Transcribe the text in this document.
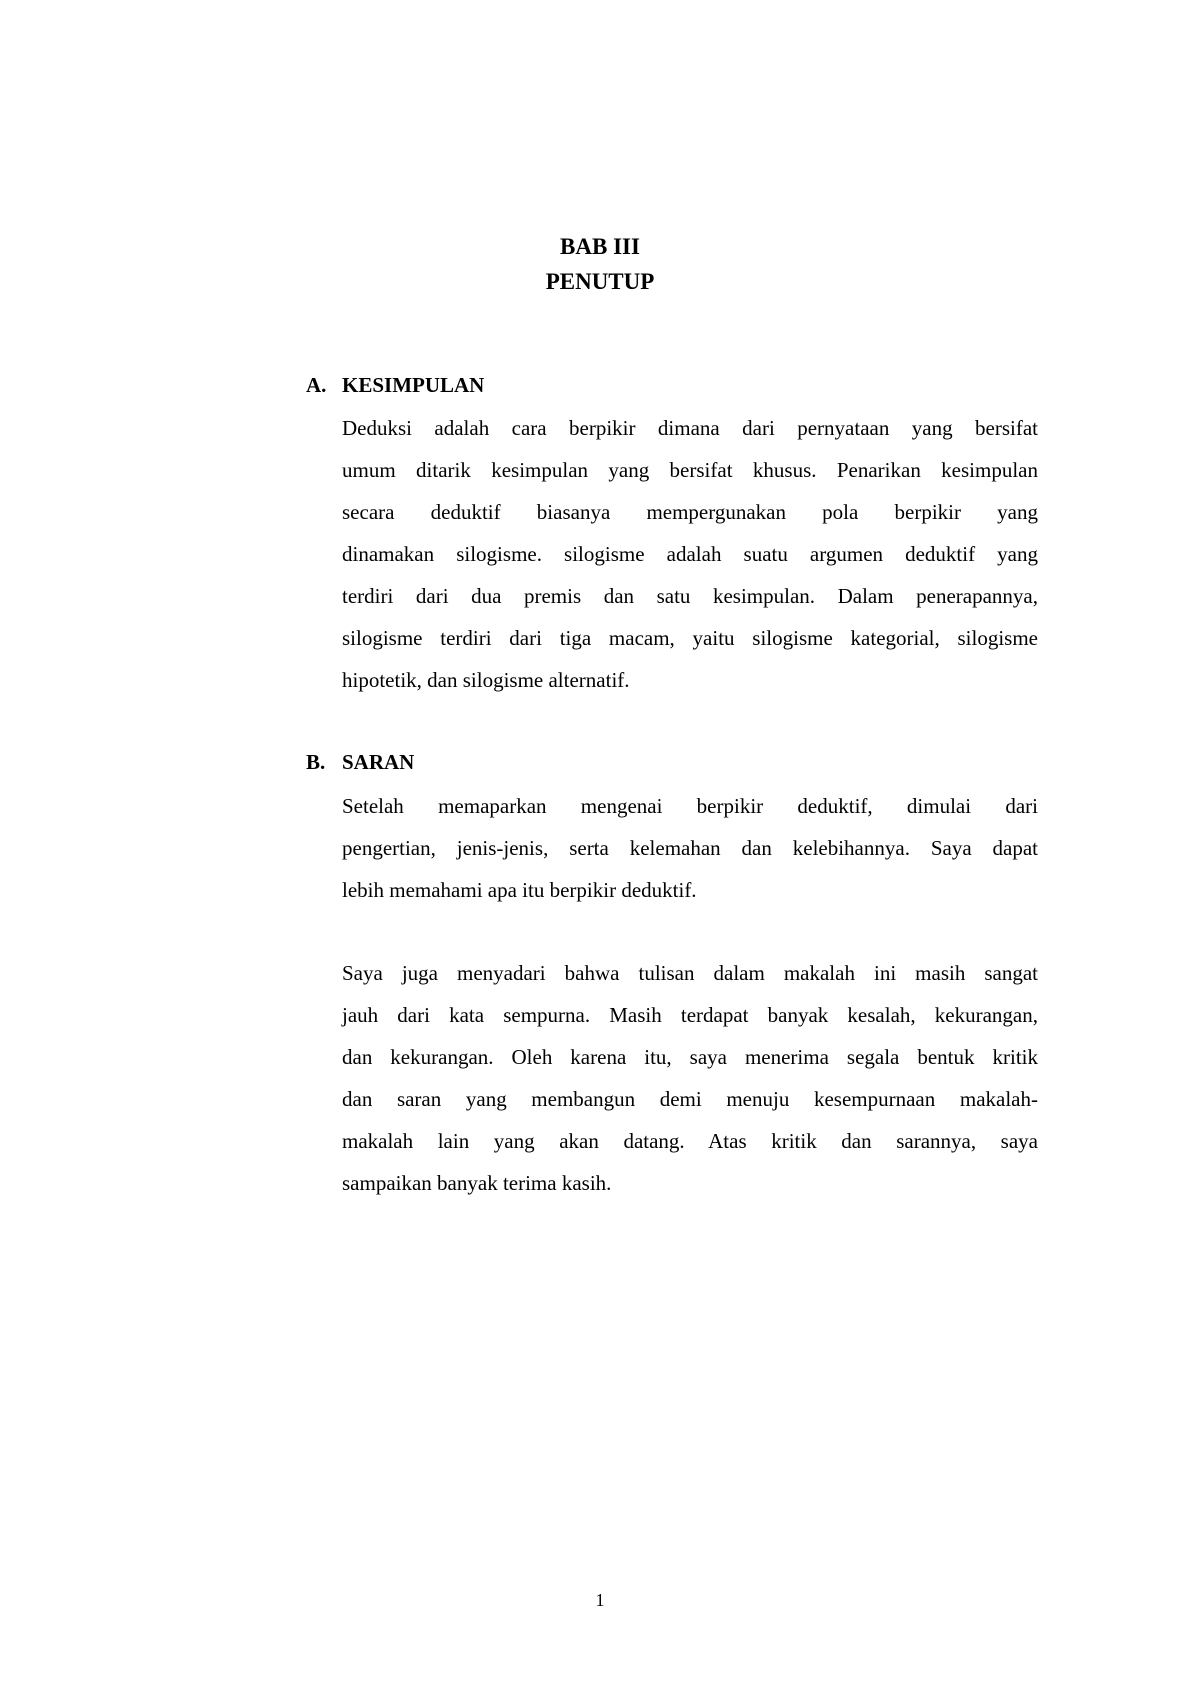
BAB III
PENUTUP
A. KESIMPULAN
Deduksi adalah cara berpikir dimana dari pernyataan yang bersifat
umum ditarik kesimpulan yang bersifat khusus. Penarikan kesimpulan
secara deduktif biasanya mempergunakan pola berpikir yang
dinamakan silogisme. silogisme adalah suatu argumen deduktif yang
terdiri dari dua premis dan satu kesimpulan. Dalam penerapannya,
silogisme terdiri dari tiga macam, yaitu silogisme kategorial, silogisme
hipotetik, dan silogisme alternatif.
B. SARAN
Setelah memaparkan mengenai berpikir deduktif, dimulai dari
pengertian, jenis-jenis, serta kelemahan dan kelebihannya. Saya dapat
lebih memahami apa itu berpikir deduktif.
Saya juga menyadari bahwa tulisan dalam makalah ini masih sangat
jauh dari kata sempurna. Masih terdapat banyak kesalah, kekurangan,
dan kekurangan. Oleh karena itu, saya menerima segala bentuk kritik
dan saran yang membangun demi menuju kesempurnaan makalah-
makalah lain yang akan datang. Atas kritik dan sarannya, saya
sampaikan banyak terima kasih.
1
